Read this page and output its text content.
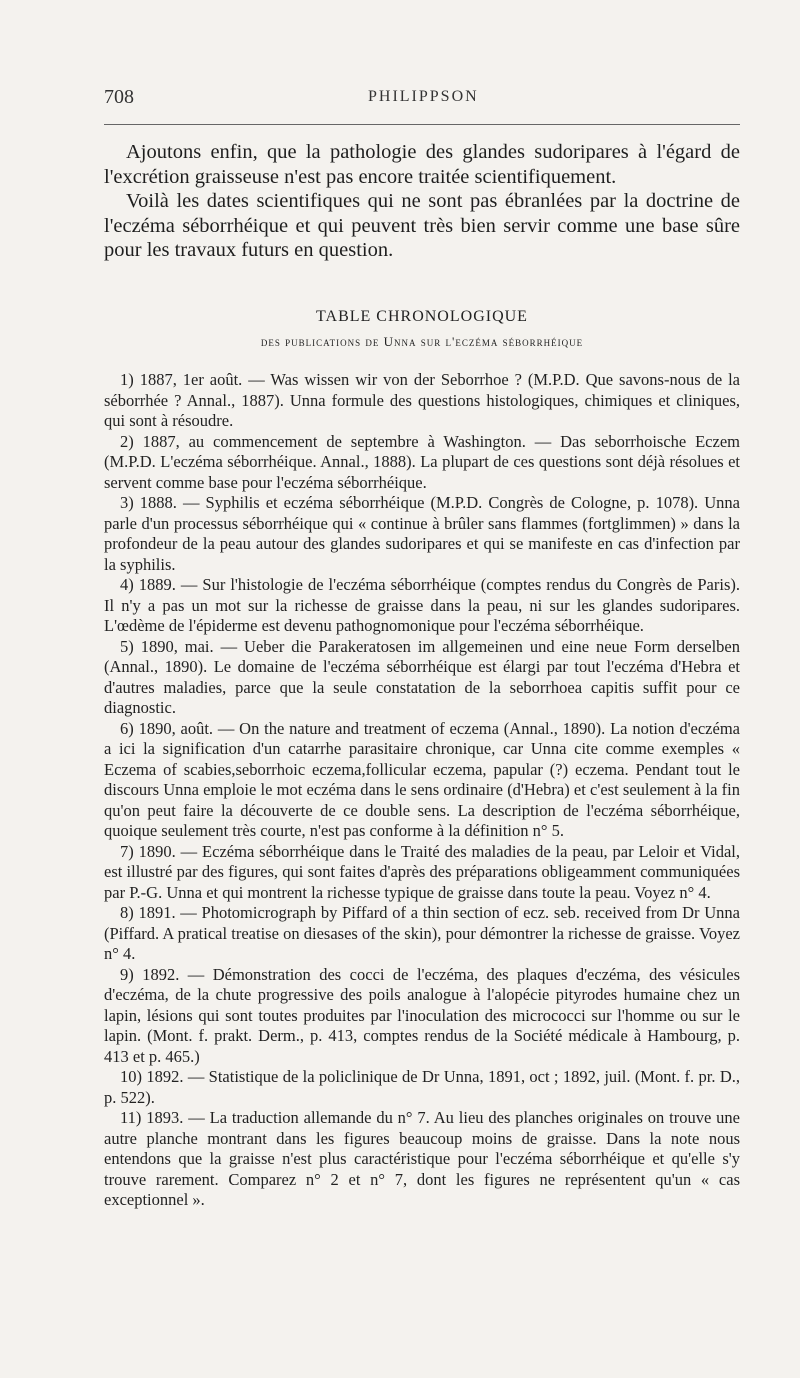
708	PHILIPPSON

Ajoutons enfin, que la pathologie des glandes sudoripares à l'égard de l'excrétion graisseuse n'est pas encore traitée scientifiquement.

Voilà les dates scientifiques qui ne sont pas ébranlées par la doctrine de l'eczéma séborrhéique et qui peuvent très bien servir comme une base sûre pour les travaux futurs en question.

TABLE CHRONOLOGIQUE
des publications de Unna sur l'eczéma séborrhéique

1) 1887, 1er août. — Was wissen wir von der Seborrhoe ? (M.P.D. Que savons-nous de la séborrhée ? Annal., 1887). Unna formule des questions histologiques, chimiques et cliniques, qui sont à résoudre.

2) 1887, au commencement de septembre à Washington. — Das seborrhoische Eczem (M.P.D. L'eczéma séborrhéique. Annal., 1888). La plupart de ces questions sont déjà résolues et servent comme base pour l'eczéma séborrhéique.

3) 1888. — Syphilis et eczéma séborrhéique (M.P.D. Congrès de Cologne, p. 1078). Unna parle d'un processus séborrhéique qui « continue à brûler sans flammes (fortglimmen) » dans la profondeur de la peau autour des glandes sudoripares et qui se manifeste en cas d'infection par la syphilis.

4) 1889. — Sur l'histologie de l'eczéma séborrhéique (comptes rendus du Congrès de Paris). Il n'y a pas un mot sur la richesse de graisse dans la peau, ni sur les glandes sudoripares. L'œdème de l'épiderme est devenu pathognomonique pour l'eczéma séborrhéique.

5) 1890, mai. — Ueber die Parakeratosen im allgemeinen und eine neue Form derselben (Annal., 1890). Le domaine de l'eczéma séborrhéique est élargi par tout l'eczéma d'Hebra et d'autres maladies, parce que la seule constatation de la seborrhoea capitis suffit pour ce diagnostic.

6) 1890, août. — On the nature and treatment of eczema (Annal., 1890). La notion d'eczéma a ici la signification d'un catarrhe parasitaire chronique, car Unna cite comme exemples « Eczema of scabies,seborrhoic eczema,follicular eczema, papular (?) eczema. Pendant tout le discours Unna emploie le mot eczéma dans le sens ordinaire (d'Hebra) et c'est seulement à la fin qu'on peut faire la découverte de ce double sens. La description de l'eczéma séborrhéique, quoique seulement très courte, n'est pas conforme à la définition n° 5.

7) 1890. — Eczéma séborrhéique dans le Traité des maladies de la peau, par Leloir et Vidal, est illustré par des figures, qui sont faites d'après des préparations obligeamment communiquées par P.-G. Unna et qui montrent la richesse typique de graisse dans toute la peau. Voyez n° 4.

8) 1891. — Photomicrograph by Piffard of a thin section of ecz. seb. received from Dr Unna (Piffard. A pratical treatise on diesases of the skin), pour démontrer la richesse de graisse. Voyez n° 4.

9) 1892. — Démonstration des cocci de l'eczéma, des plaques d'eczéma, des vésicules d'eczéma, de la chute progressive des poils analogue à l'alopécie pityrodes humaine chez un lapin, lésions qui sont toutes produites par l'inoculation des micrococci sur l'homme ou sur le lapin. (Mont. f. prakt. Derm., p. 413, comptes rendus de la Société médicale à Hambourg, p. 413 et p. 465.)

10) 1892. — Statistique de la policlinique de Dr Unna, 1891, oct ; 1892, juil. (Mont. f. pr. D., p. 522).

11) 1893. — La traduction allemande du n° 7. Au lieu des planches originales on trouve une autre planche montrant dans les figures beaucoup moins de graisse. Dans la note nous entendons que la graisse n'est plus caractéristique pour l'eczéma séborrhéique et qu'elle s'y trouve rarement. Comparez n° 2 et n° 7, dont les figures ne représentent qu'un « cas exceptionnel ».
